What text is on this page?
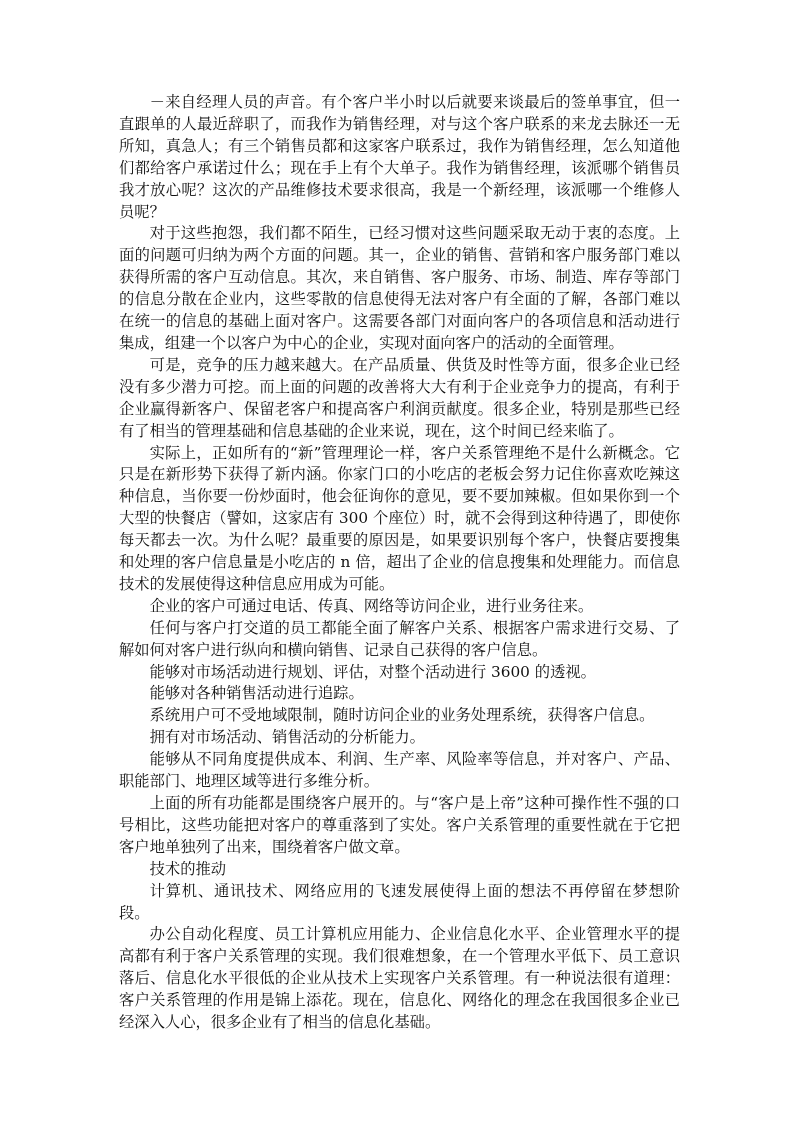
－来自经理人员的声音。有个客户半小时以后就要来谈最后的签单事宜，但一直跟单的人最近辞职了，而我作为销售经理，对与这个客户联系的来龙去脉还一无所知，真急人；有三个销售员都和这家客户联系过，我作为销售经理，怎么知道他们都给客户承诺过什么；现在手上有个大单子。我作为销售经理，该派哪个销售员我才放心呢？这次的产品维修技术要求很高，我是一个新经理，该派哪一个维修人员呢？

对于这些抱怨，我们都不陌生，已经习惯对这些问题采取无动于衷的态度。上面的问题可归纳为两个方面的问题。其一，企业的销售、营销和客户服务部门难以获得所需的客户互动信息。其次，来自销售、客户服务、市场、制造、库存等部门的信息分散在企业内，这些零散的信息使得无法对客户有全面的了解，各部门难以在统一的信息的基础上面对客户。这需要各部门对面向客户的各项信息和活动进行集成，组建一个以客户为中心的企业，实现对面向客户的活动的全面管理。

可是，竞争的压力越来越大。在产品质量、供货及时性等方面，很多企业已经没有多少潜力可挖。而上面的问题的改善将大大有利于企业竞争力的提高，有利于企业赢得新客户、保留老客户和提高客户利润贡献度。很多企业，特别是那些已经有了相当的管理基础和信息基础的企业来说，现在，这个时间已经来临了。

实际上，正如所有的“新”管理理论一样，客户关系管理绝不是什么新概念。它只是在新形势下获得了新内涵。你家门口的小吃店的老板会努力记住你喜欢吃辣这种信息，当你要一份炒面时，他会征询你的意见，要不要加辣椒。但如果你到一个大型的快餐店（譬如，这家店有 300 个座位）时，就不会得到这种待遇了，即使你每天都去一次。为什么呢？最重要的原因是，如果要识别每个客户，快餐店要搜集和处理的客户信息量是小吃店的 n 倍，超出了企业的信息搜集和处理能力。而信息技术的发展使得这种信息应用成为可能。

企业的客户可通过电话、传真、网络等访问企业，进行业务往来。

任何与客户打交道的员工都能全面了解客户关系、根据客户需求进行交易、了解如何对客户进行纵向和横向销售、记录自己获得的客户信息。

能够对市场活动进行规划、评估，对整个活动进行 3600 的透视。

能够对各种销售活动进行追踪。

系统用户可不受地域限制，随时访问企业的业务处理系统，获得客户信息。

拥有对市场活动、销售活动的分析能力。

能够从不同角度提供成本、利润、生产率、风险率等信息，并对客户、产品、职能部门、地理区域等进行多维分析。

上面的所有功能都是围绕客户展开的。与“客户是上帝”这种可操作性不强的口号相比，这些功能把对客户的尊重落到了实处。客户关系管理的重要性就在于它把客户地单独列了出来，围绕着客户做文章。

技术的推动

计算机、通讯技术、网络应用的飞速发展使得上面的想法不再停留在梦想阶段。

办公自动化程度、员工计算机应用能力、企业信息化水平、企业管理水平的提高都有利于客户关系管理的实现。我们很难想象，在一个管理水平低下、员工意识落后、信息化水平很低的企业从技术上实现客户关系管理。有一种说法很有道理：客户关系管理的作用是锦上添花。现在，信息化、网络化的理念在我国很多企业已经深入人心，很多企业有了相当的信息化基础。
